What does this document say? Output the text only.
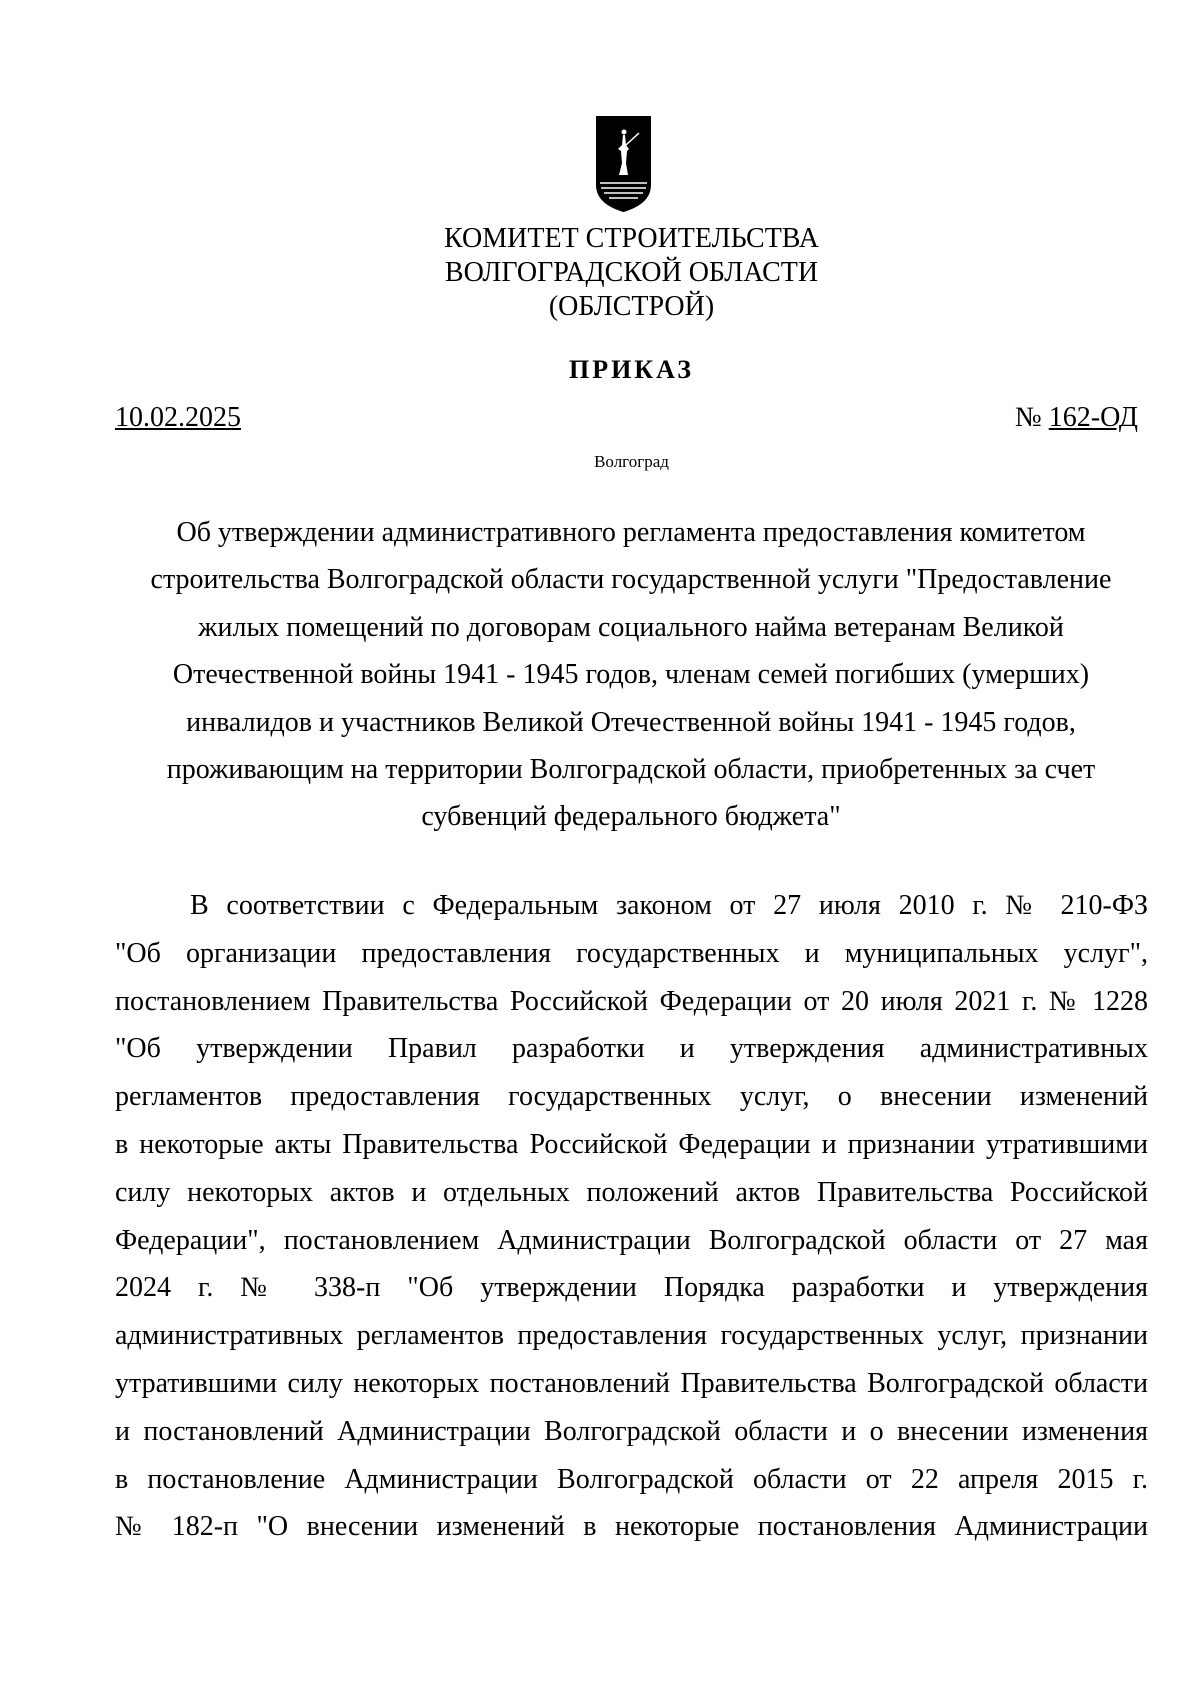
КОМИТЕТ СТРОИТЕЛЬСТВА
ВОЛГОГРАДСКОЙ ОБЛАСТИ
(ОБЛСТРОЙ)
ПРИКАЗ
10.02.2025	№ 162-ОД
Волгоград
Об утверждении административного регламента предоставления комитетом
строительства Волгоградской области государственной услуги "Предоставление
жилых помещений по договорам социального найма ветеранам Великой
Отечественной войны 1941 - 1945 годов, членам семей погибших (умерших)
инвалидов и участников Великой Отечественной войны 1941 - 1945 годов,
проживающим на территории Волгоградской области, приобретенных за счет
субвенций федерального бюджета"
В соответствии с Федеральным законом от 27 июля 2010 г. № 210-ФЗ
"Об организации предоставления государственных и муниципальных услуг",
постановлением Правительства Российской Федерации от 20 июля 2021 г. № 1228
"Об утверждении Правил разработки и утверждения административных
регламентов предоставления государственных услуг, о внесении изменений
в некоторые акты Правительства Российской Федерации и признании утратившими
силу некоторых актов и отдельных положений актов Правительства Российской
Федерации", постановлением Администрации Волгоградской области от 27 мая
2024 г. № 338-п "Об утверждении Порядка разработки и утверждения
административных регламентов предоставления государственных услуг, признании
утратившими силу некоторых постановлений Правительства Волгоградской области
и постановлений Администрации Волгоградской области и о внесении изменения
в постановление Администрации Волгоградской области от 22 апреля 2015 г.
№ 182-п "О внесении изменений в некоторые постановления Администрации
